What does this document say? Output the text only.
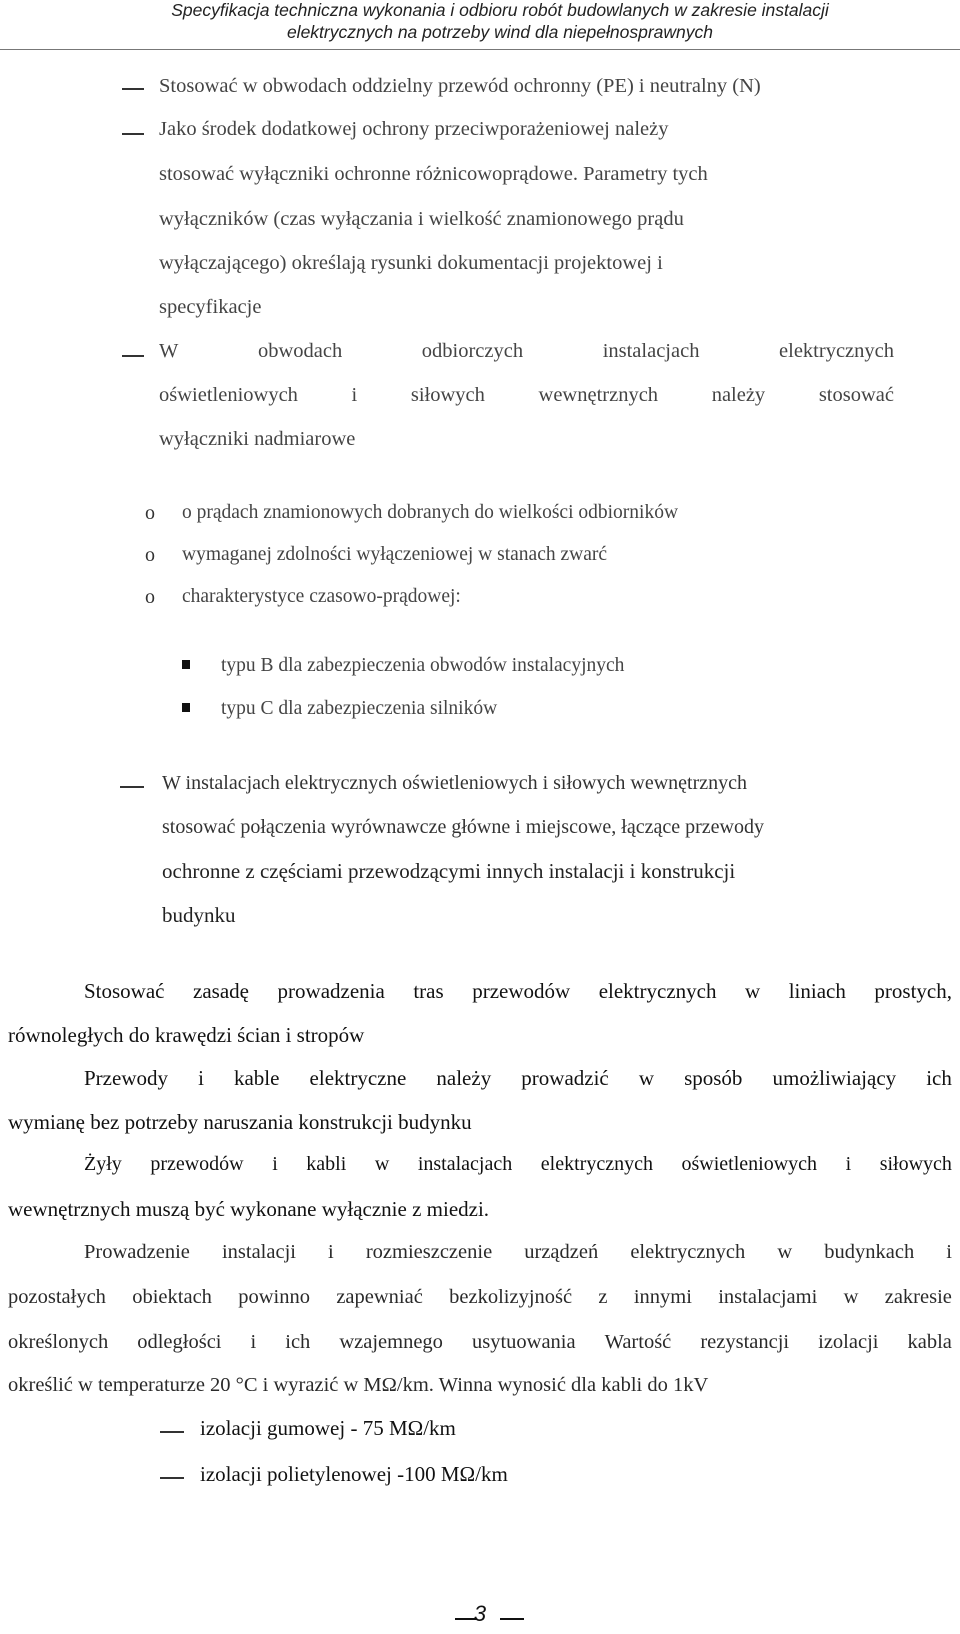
Specyfikacja techniczna wykonania i odbioru robót budowlanych w zakresie instalacji
elektrycznych na potrzeby wind dla niepełnosprawnych
Stosować w obwodach oddzielny przewód ochronny (PE) i neutralny (N)
Jako środek dodatkowej ochrony przeciwporażeniowej należy
stosować wyłączniki ochronne różnicowoprądowe. Parametry tych
wyłączników (czas wyłączania i wielkość znamionowego prądu
wyłączającego) określają rysunki dokumentacji projektowej i
specyfikacje
W	obwodach	odbiorczych	instalacjach	elektrycznych
oświetleniowych	i	siłowych	wewnętrznych	należy	stosować
wyłączniki nadmiarowe
o o prądach znamionowych dobranych do wielkości odbiorników
o wymaganej zdolności wyłączeniowej w stanach zwarć
o charakterystyce czasowo-prądowej:
typu B dla zabezpieczenia obwodów instalacyjnych
typu C dla zabezpieczenia silników
W instalacjach elektrycznych oświetleniowych i siłowych wewnętrznych
stosować połączenia wyrównawcze główne i miejscowe, łączące przewody
ochronne z częściami przewodzącymi innych instalacji i konstrukcji
budynku
Stosować zasadę prowadzenia tras przewodów elektrycznych w liniach prostych,
równoległych do krawędzi ścian i stropów
Przewody i kable elektryczne należy prowadzić w sposób umożliwiający ich
wymianę bez potrzeby naruszania konstrukcji budynku
Żyły przewodów i kabli w instalacjach elektrycznych oświetleniowych i siłowych
wewnętrznych muszą być wykonane wyłącznie z miedzi.
Prowadzenie instalacji i rozmieszczenie urządzeń elektrycznych w budynkach i
pozostałych obiektach powinno zapewniać bezkolizyjność z innymi instalacjami w zakresie
określonych odległości i ich wzajemnego usytuowania Wartość rezystancji izolacji kabla
określić w temperaturze 20 °C i wyrazić w MΩ/km. Winna wynosić dla kabli do 1kV
izolacji gumowej - 75 MΩ/km
izolacji polietylenowej -100 MΩ/km
3
